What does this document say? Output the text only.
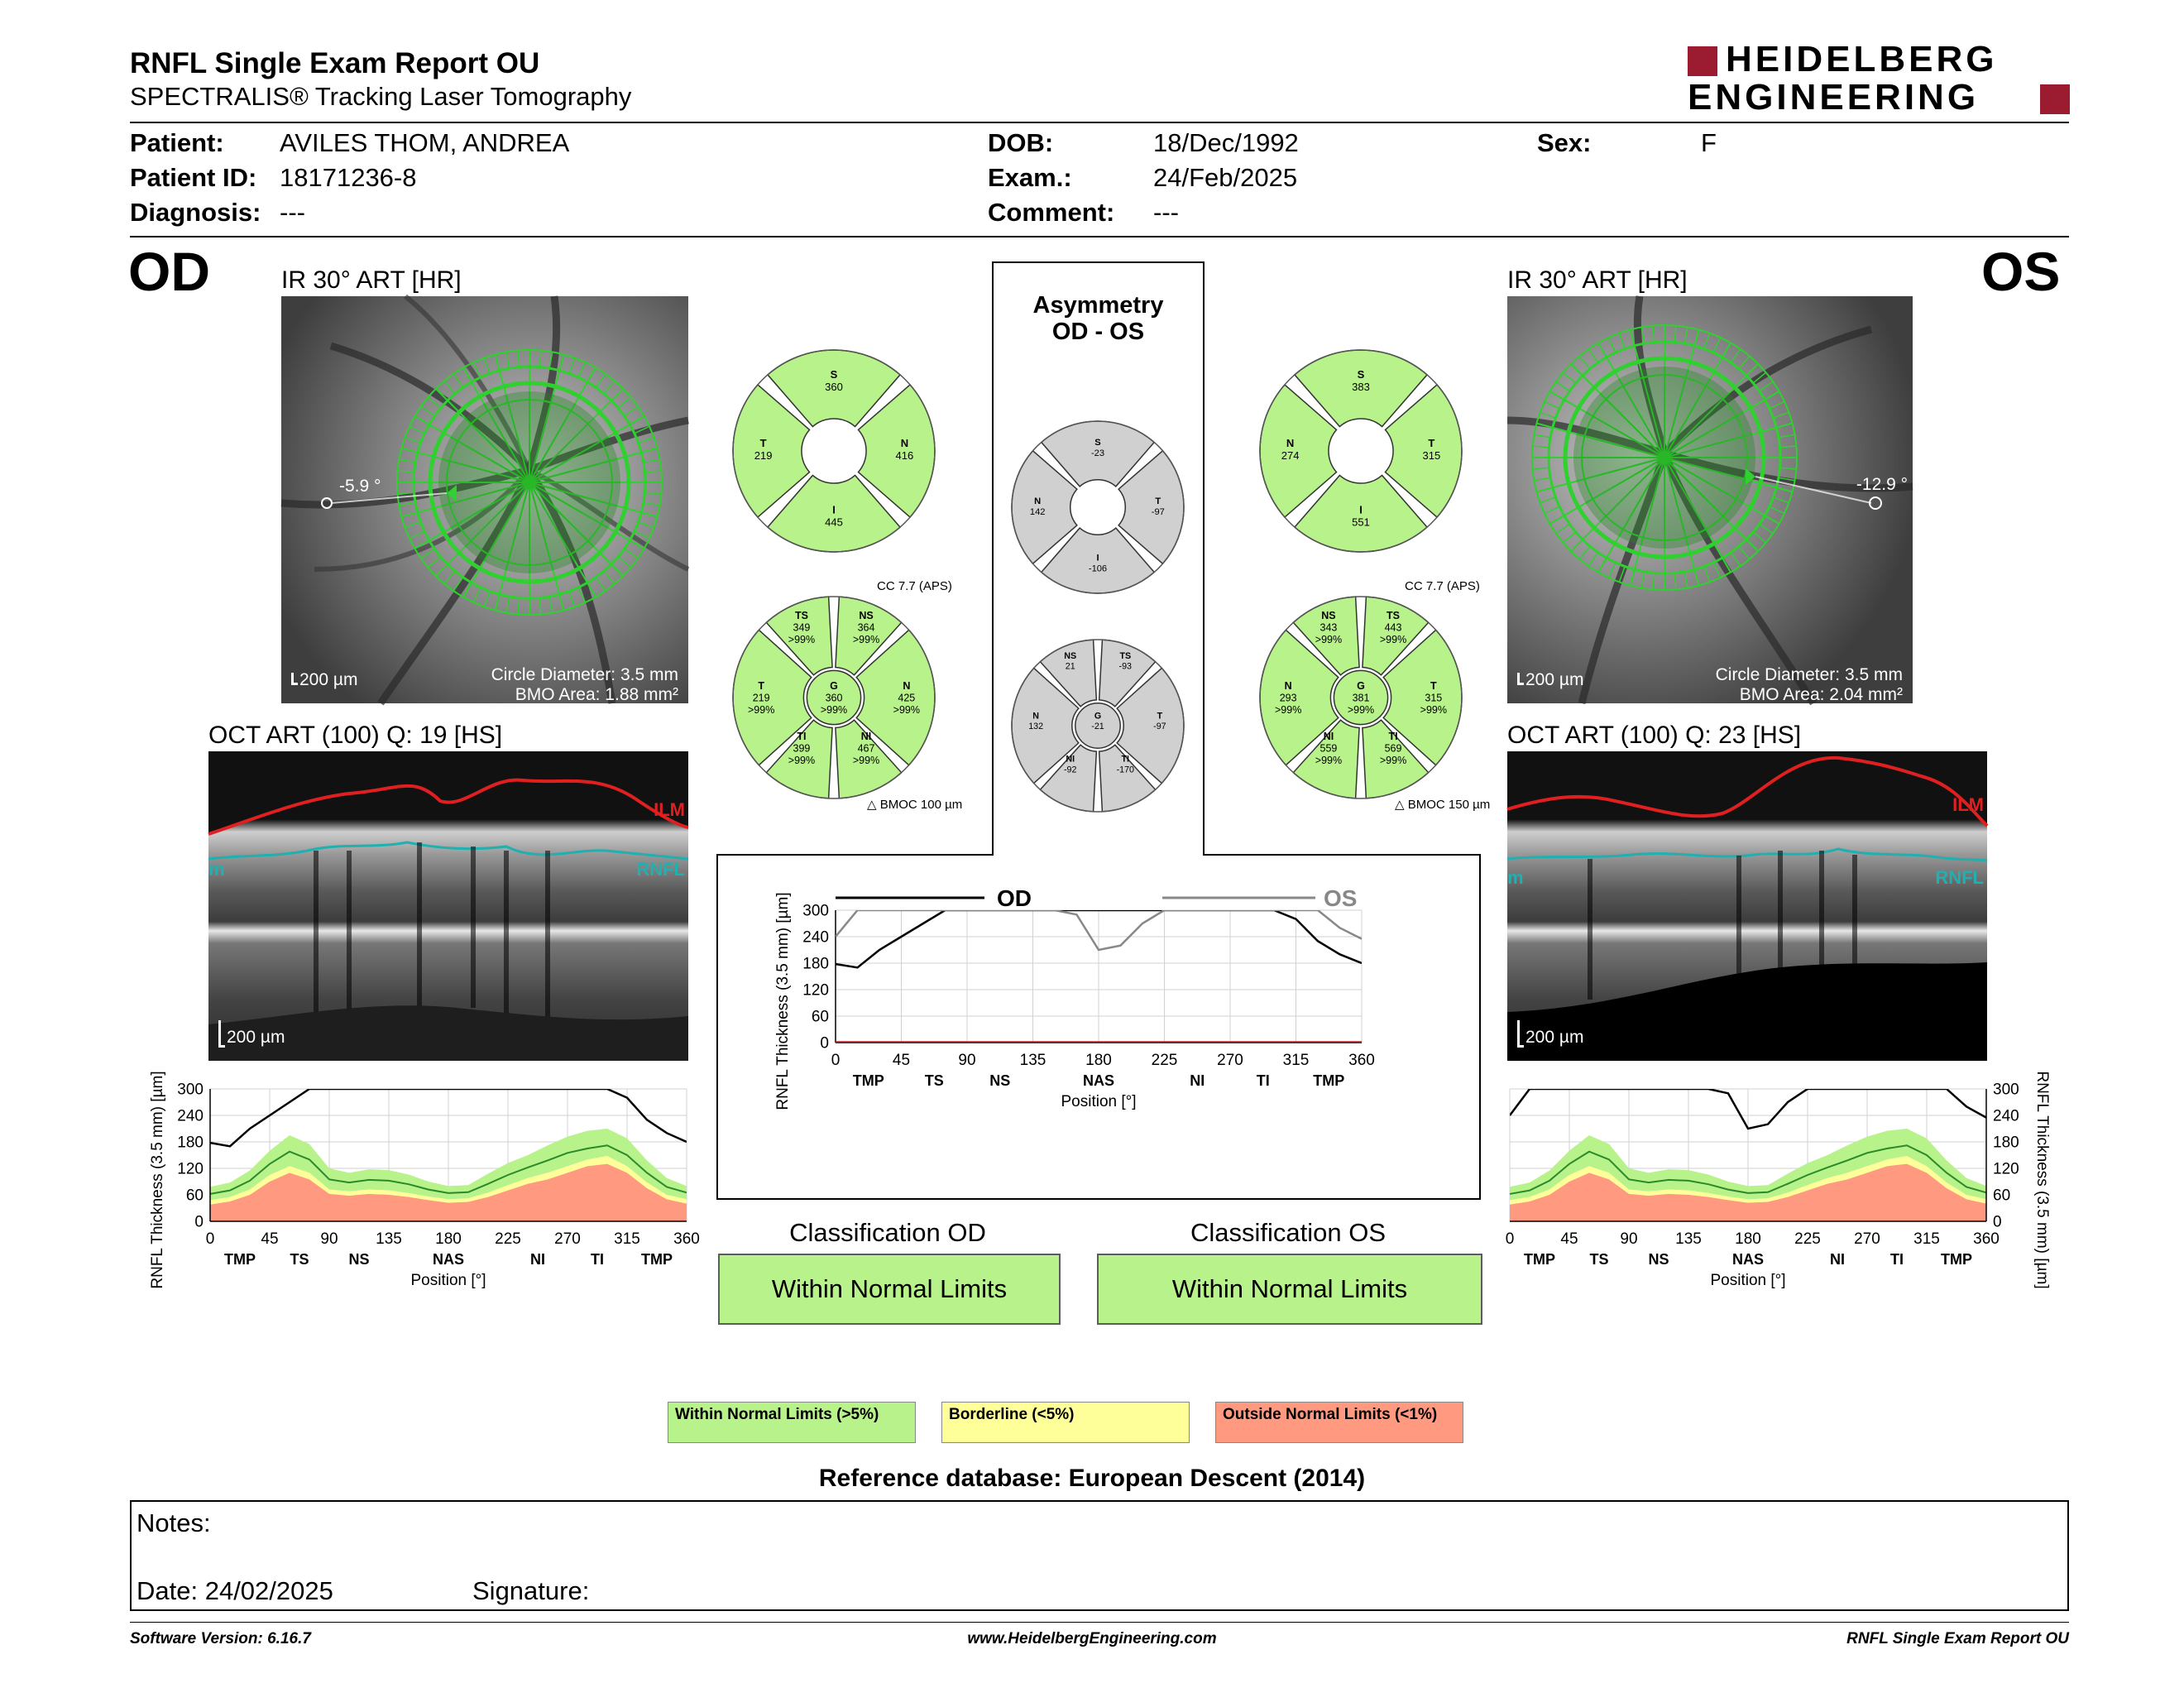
RNFL Single Exam Report OU
SPECTRALIS® Tracking Laser Tomography
HEIDELBERG
ENGINEERING
Patient: AVILES THOM, ANDREA
Patient ID: 18171236-8
Diagnosis: ---
DOB:	18/Dec/1992
Exam.:	24/Feb/2025
Comment: ---
Sex:	F
OD	IR 30° ART [HR]
-5.9 °
200 µm	Circle Diameter: 3.5 mm
BMO Area: 1.88 mm²
OCT ART (100) Q: 19 [HS]
ILM
RNFL
m
200 µm
300
240
180
120
60
0
0	45	90 135 180 225 270 315 360
TMP TS	NS	NAS	NI	TI	TMP
Position [°]
RNFL Thickness (3.5 mm) [µm]
OS
IR 30° ART [HR]
-12.9 °
200 µm	Circle Diameter: 3.5 mm
BMO Area: 2.04 mm²
OCT ART (100) Q: 23 [HS]
ILM
RNFL
m
200 µm
300
240
180
120
60
0
0	45	90 135 180 225 270 315 360
TMP TS	NS	NAS	NI	TI	TMP
Position [°]	RNFL Thickness (3.5 mm) [µm]
Asymmetry
OD - OS
S 360
T 219
N 416
I 445
S 383
N 274
T 315
I 551
S -23
N 142
T -97
I -106
CC 7.7 (APS)	CC 7.7 (APS)
G 360 >99%
T 219 >99%
N 425 >99%
TS 349 >99%
NS 364 >99%
TI 399 >99%
NI 467 >99%
G 381 >99%
N 293 >99%
T 315 >99%
NS 343 >99%
TS 443 >99%
NI 559 >99%
TI 569 >99%
G -21
N 132
T -97
NS 21
TS -93
NI -92
TI -170
△ BMOC 100 µm	△ BMOC 150 µm
300
240
180
120
60
0
0	45	90	135	180	225	270	315	360
TMP	TS	NS	NAS	NI	TI	TMP
Position [°]
RNFL Thickness (3.5 mm) [µm]	OD	OS
Classification OD
Within Normal Limits
Classification OS
Within Normal Limits
Within Normal Limits (>5%)	Borderline (<5%)	Outside Normal Limits (<1%)
Reference database: European Descent (2014)
Notes:
Date: 24/02/2025	Signature:
Software Version: 6.16.7	www.HeidelbergEngineering.com	RNFL Single Exam Report OU
